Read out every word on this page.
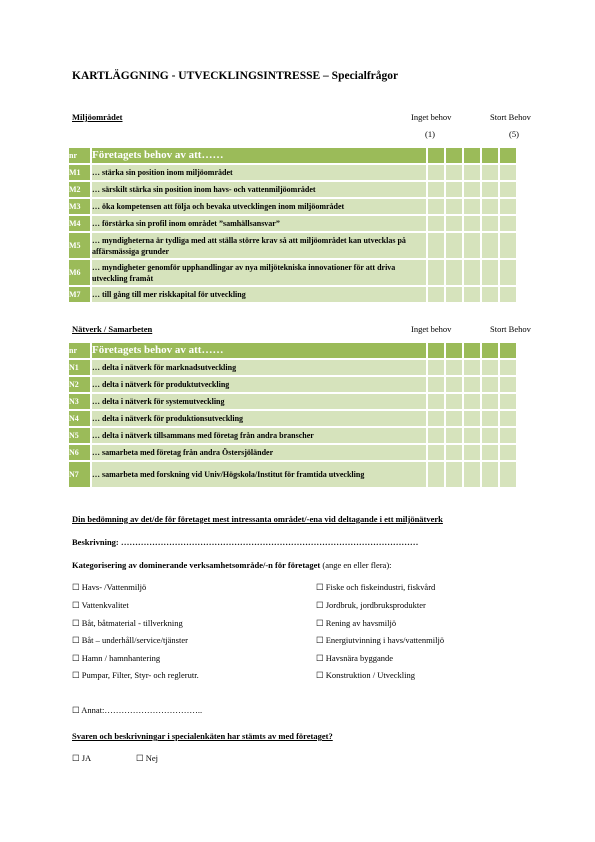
KARTLÄGGNING - UTVECKLINGSINTRESSE – Specialfrågor
Miljöområdet	Inget behov	Stort Behov
(1)	(5)
nr	Företagets behov av att……					
M1	… stärka sin position inom miljöområdet					
M2	… särskilt stärka sin position inom havs- och vattenmiljöområdet					
M3	… öka kompetensen att följa och bevaka utvecklingen inom miljöområdet					
M4	… förstärka sin profil inom området ”samhällsansvar”					
M5	… myndigheterna är tydliga med att ställa större krav så att miljöområdet kan utvecklas på affärsmässiga grunder					
M6	… myndigheter genomför upphandlingar av nya miljötekniska innovationer för att driva utveckling framåt					
M7	… till gång till mer riskkapital för utveckling					
Nätverk / Samarbeten	Inget behov	Stort Behov
nr	Företagets behov av att……					
N1	… delta i nätverk för marknadsutveckling					
N2	… delta i nätverk för produktutveckling					
N3	… delta i nätverk för systemutveckling					
N4	… delta i nätverk för produktionsutveckling					
N5	… delta i nätverk tillsammans med företag från andra branscher					
N6	… samarbeta med företag från andra Östersjöländer					
N7	… samarbeta med forskning vid Univ/Högskola/Institut för framtida utveckling					
Din bedömning av det/de för företaget mest intressanta området/-ena vid deltagande i ett miljönätverk
Beskrivning: ……………………………………………………………………………………………
Kategorisering av dominerande verksamhetsområde/-n för företaget (ange en eller flera):
☐ Havs- /Vattenmiljö
☐ Vattenkvalitet
☐ Båt, båtmaterial - tillverkning
☐ Båt – underhåll/service/tjänster
☐ Hamn / hamnhantering
☐ Pumpar, Filter, Styr- och reglerutr.
☐ Fiske och fiskeindustri, fiskvård
☐ Jordbruk, jordbruksprodukter
☐ Rening av havsmiljö
☐ Energiutvinning i havs/vattenmiljö
☐ Havsnära byggande
☐ Konstruktion / Utveckling
☐ Annat:……………………………..
Svaren och beskrivningar i specialenkäten har stämts av med företaget?
☐ JA	☐ Nej
